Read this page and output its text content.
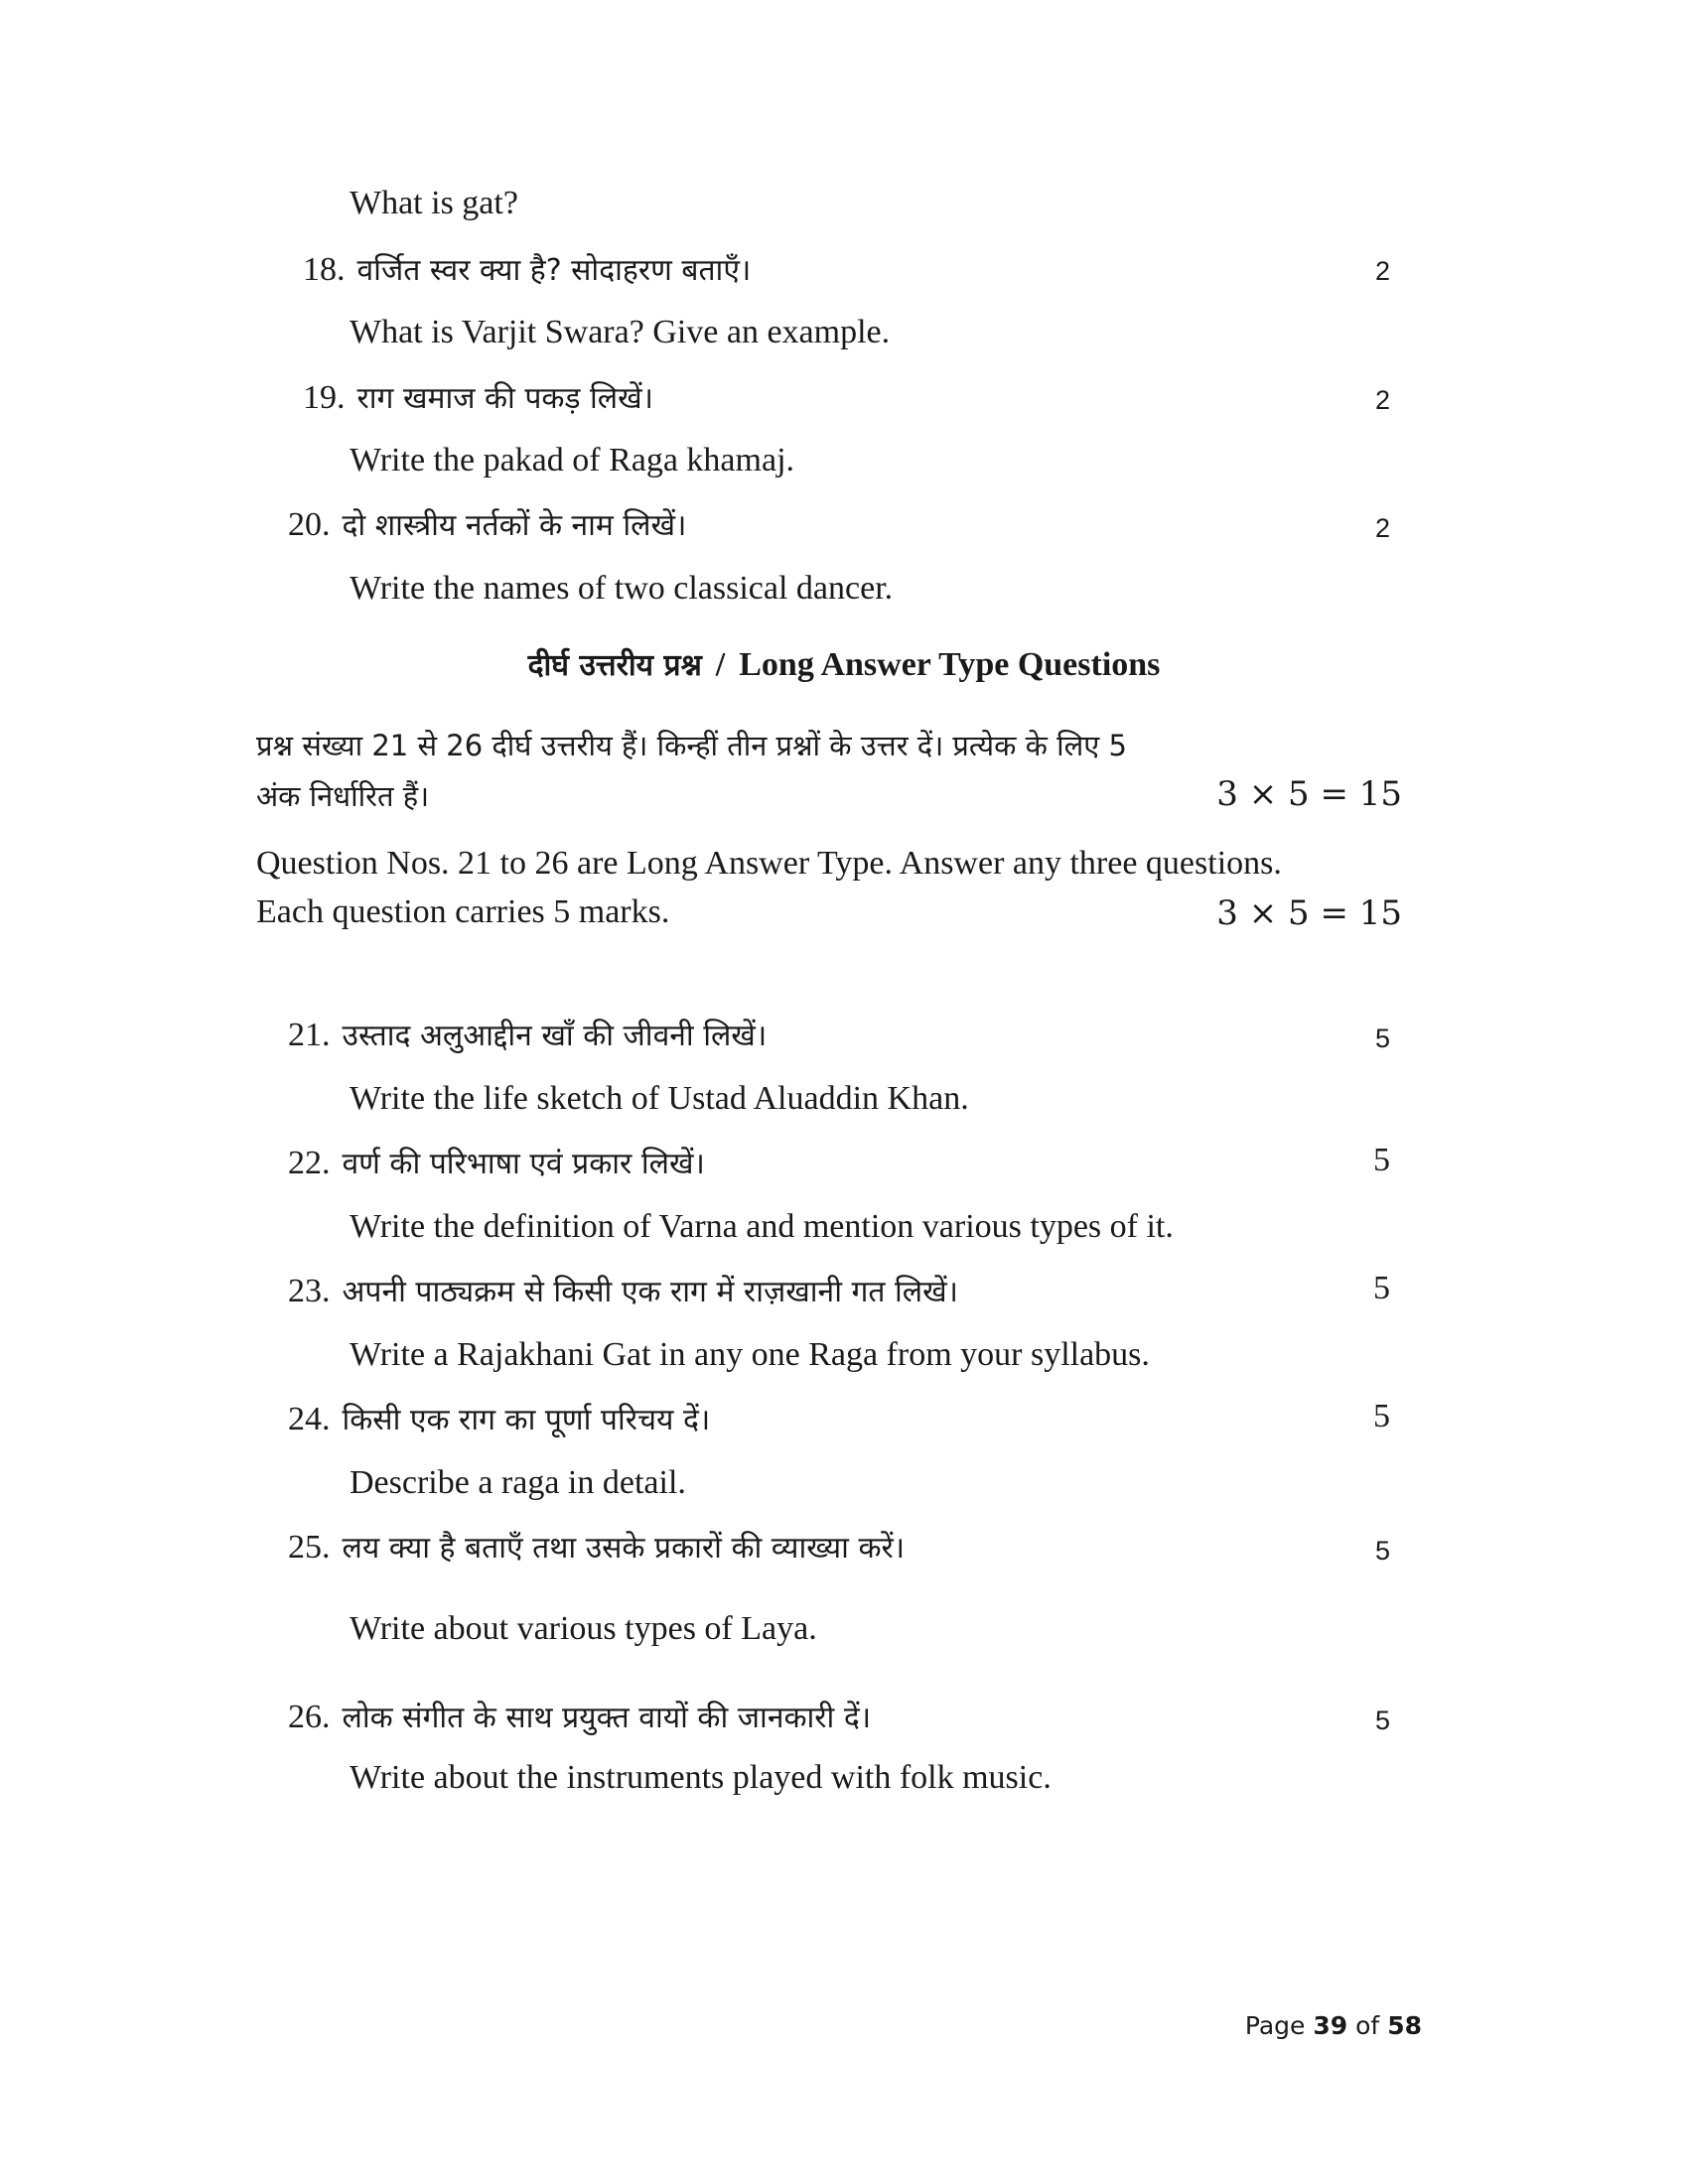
What is gat?
18. वर्जित स्वर क्या है? सोदाहरण बताएँ।	2
What is Varjit Swara? Give an example.
19. राग खमाज की पकड़ लिखें।	2
Write the pakad of Raga khamaj.
20. दो शास्त्रीय नर्तकों के नाम लिखें।	2
Write the names of two classical dancer.
दीर्घ उत्तरीय प्रश्न / Long Answer Type Questions
प्रश्न संख्या 21 से 26 दीर्घ उत्तरीय हैं। किन्हीं तीन प्रश्नों के उत्तर दें। प्रत्येक के लिए 5
अंक निर्धारित हैं।	3 × 5 = 15
Question Nos. 21 to 26 are Long Answer Type. Answer any three questions.
Each question carries 5 marks.	3 × 5 = 15
21. उस्ताद अलुआद्दीन खाँ की जीवनी लिखें।	5
Write the life sketch of Ustad Aluaddin Khan.
22. वर्ण की परिभाषा एवं प्रकार लिखें।	5
Write the definition of Varna and mention various types of it.
23. अपनी पाठ्यक्रम से किसी एक राग में राज़खानी गत लिखें।	5
Write a Rajakhani Gat in any one Raga from your syllabus.
24. किसी एक राग का पूर्णा परिचय दें।	5
Describe a raga in detail.
25.लय क्या है बताएँ तथा उसके प्रकारों की व्याख्या करें।	5
Write about various types of Laya.
26. लोक संगीत के साथ प्रयुक्त वायों की जानकारी दें।	5
Write about the instruments played with folk music.
Page 39 of 58
